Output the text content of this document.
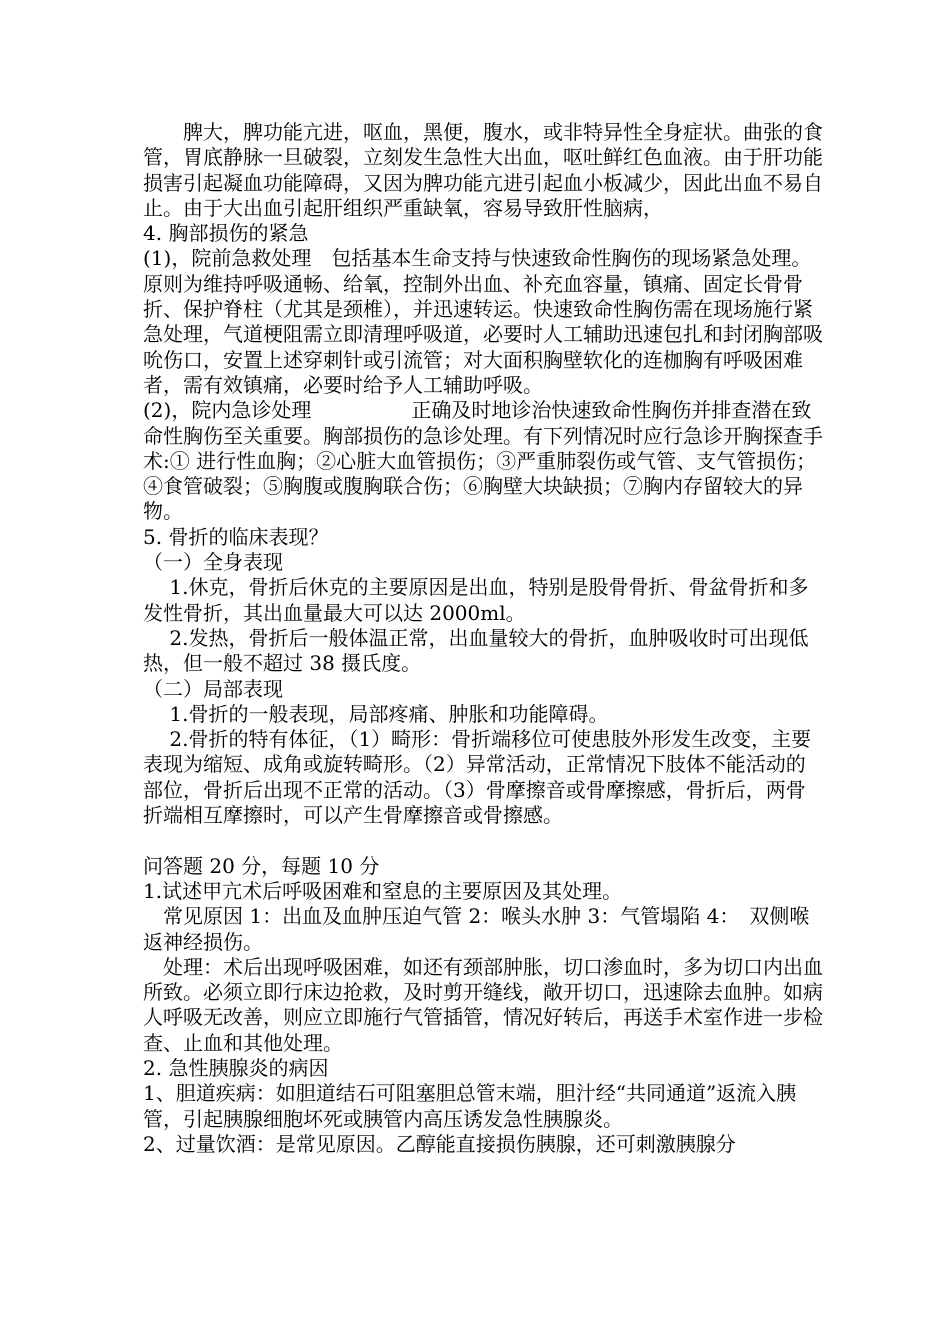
　　脾大，脾功能亢进，呕血，黑便，腹水，或非特异性全身症状。曲张的食管，胃底静脉一旦破裂，立刻发生急性大出血，呕吐鲜红色血液。由于肝功能损害引起凝血功能障碍，又因为脾功能亢进引起血小板减少，因此出血不易自止。由于大出血引起肝组织严重缺氧，容易导致肝性脑病，

4. 胸部损伤的紧急

(1)，院前急救处理　包括基本生命支持与快速致命性胸伤的现场紧急处理。原则为维持呼吸通畅、给氧，控制外出血、补充血容量，镇痛、固定长骨骨折、保护脊柱（尤其是颈椎），并迅速转运。快速致命性胸伤需在现场施行紧急处理，气道梗阻需立即清理呼吸道，必要时人工辅助迅速包扎和封闭胸部吸吮伤口，安置上述穿刺针或引流管；对大面积胸壁软化的连枷胸有呼吸困难者，需有效镇痛，必要时给予人工辅助呼吸。

(2)，院内急诊处理　　　　　正确及时地诊治快速致命性胸伤并排查潜在致命性胸伤至关重要。胸部损伤的急诊处理。有下列情况时应行急诊开胸探查手术:① 进行性血胸；②心脏大血管损伤；③严重肺裂伤或气管、支气管损伤；④食管破裂；⑤胸腹或腹胸联合伤；⑥胸壁大块缺损；⑦胸内存留较大的异物。

5. 骨折的临床表现？

（一）全身表现

　 1.休克，骨折后休克的主要原因是出血，特别是股骨骨折、骨盆骨折和多发性骨折，其出血量最大可以达 2000ml。

　 2.发热，骨折后一般体温正常，出血量较大的骨折，血肿吸收时可出现低热，但一般不超过 38 摄氏度。

（二）局部表现

　 1.骨折的一般表现，局部疼痛、肿胀和功能障碍。

　 2.骨折的特有体征，（1）畸形：骨折端移位可使患肢外形发生改变，主要表现为缩短、成角或旋转畸形。（2）异常活动，正常情况下肢体不能活动的部位，骨折后出现不正常的活动。（3）骨摩擦音或骨摩擦感，骨折后，两骨折端相互摩擦时，可以产生骨摩擦音或骨擦感。

问答题 20 分，每题 10 分

1.试述甲亢术后呼吸困难和窒息的主要原因及其处理。

　常见原因 1：出血及血肿压迫气管 2：喉头水肿 3：气管塌陷 4：　双侧喉返神经损伤。

　处理：术后出现呼吸困难，如还有颈部肿胀，切口渗血时，多为切口内出血所致。必须立即行床边抢救，及时剪开缝线，敞开切口，迅速除去血肿。如病人呼吸无改善，则应立即施行气管插管，情况好转后，再送手术室作进一步检查、止血和其他处理。

2. 急性胰腺炎的病因

1、胆道疾病：如胆道结石可阻塞胆总管末端，胆汁经“共同通道”返流入胰管，引起胰腺细胞坏死或胰管内高压诱发急性胰腺炎。

2、过量饮酒：是常见原因。乙醇能直接损伤胰腺，还可刺激胰腺分
